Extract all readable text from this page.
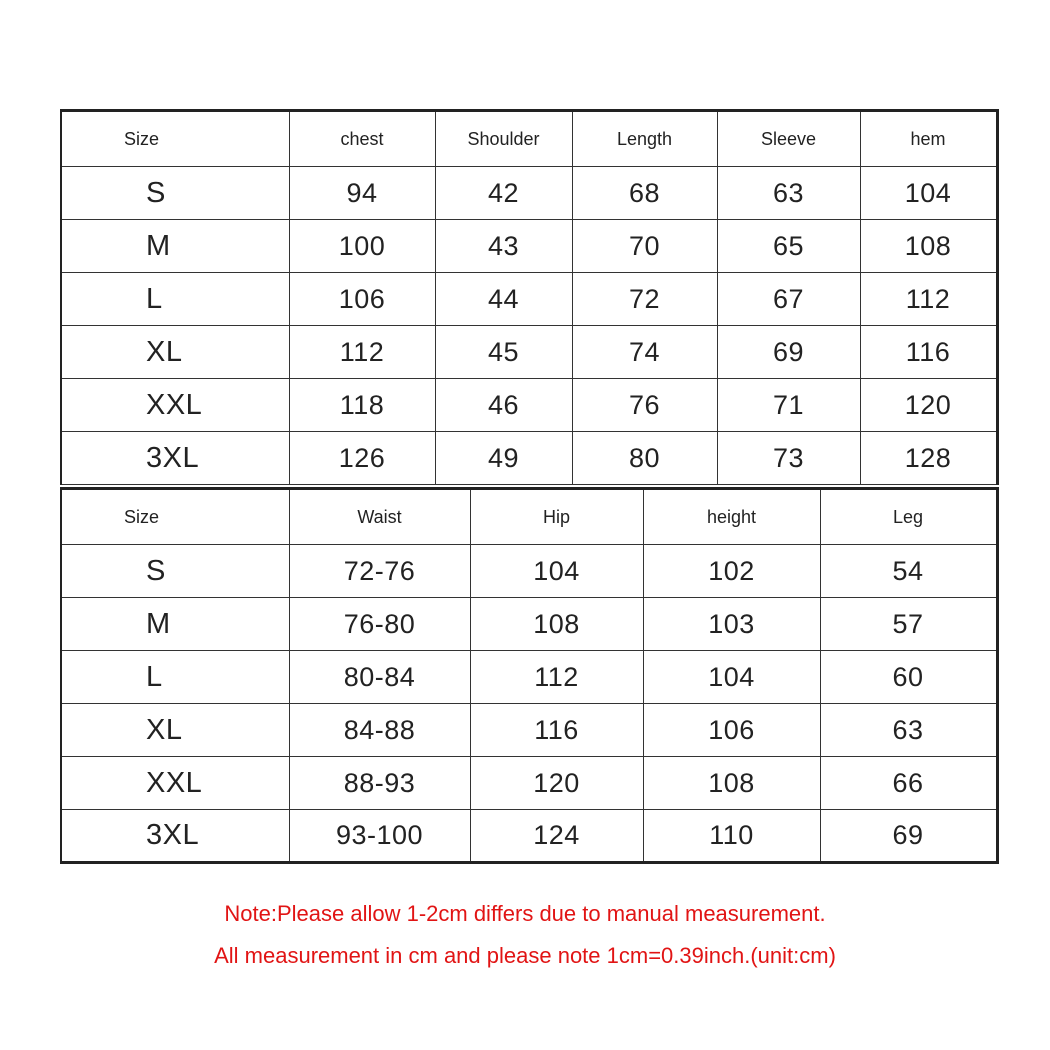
Size	chest	Shoulder	Length	Sleeve	hem
S	94	42	68	63	104
M	100	43	70	65	108
L	106	44	72	67	112
XL	112	45	74	69	116
XXL	118	46	76	71	120
3XL	126	49	80	73	128
Size	Waist	Hip	height	Leg
S	72-76	104	102	54
M	76-80	108	103	57
L	80-84	112	104	60
XL	84-88	116	106	63
XXL	88-93	120	108	66
3XL	93-100	124	110	69
Note:Please allow 1-2cm differs due to manual measurement.
All measurement in cm and please note 1cm=0.39inch.(unit:cm)
